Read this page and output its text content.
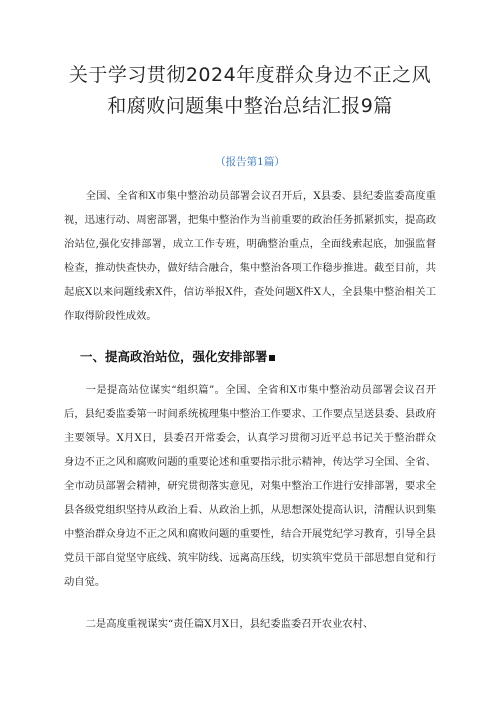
关于学习贯彻2024年度群众身边不正之风
和腐败问题集中整治总结汇报9篇
（报告第1篇）

全国、全省和X市集中整治动员部署会议召开后，X县委、县纪委监委高度重视，迅速行动、周密部署，把集中整治作为当前重要的政治任务抓紧抓实，提高政治站位,强化安排部署，成立工作专班，明确整治重点，全面线索起底，加强监督检查，推动快查快办，做好结合融合，集中整治各项工作稳步推进。截至目前，共起底X以来问题线索X件，信访举报X件，查处问题X件X人，全县集中整治相关工作取得阶段性成效。

一、提高政治站位，强化安排部署

一是提高站位谋实“组织篇”。全国、全省和X市集中整治动员部署会议召开后，县纪委监委第一时间系统梳理集中整治工作要求、工作要点呈送县委、县政府主要领导。X月X日，县委召开常委会，认真学习贯彻习近平总书记关于整治群众身边不正之风和腐败问题的重要论述和重要指示批示精神，传达学习全国、全省、全市动员部署会精神，研究贯彻落实意见，对集中整治工作进行安排部署，要求全县各级党组织坚持从政治上看、从政治上抓，从思想深处提高认识，清醒认识到集中整治群众身边不正之风和腐败问题的重要性，结合开展党纪学习教育，引导全县党员干部自觉坚守底线、筑牢防线、远离高压线，切实筑牢党员干部思想自觉和行动自觉。

二是高度重视谋实“责任篇X月X日，县纪委监委召开农业农村、
